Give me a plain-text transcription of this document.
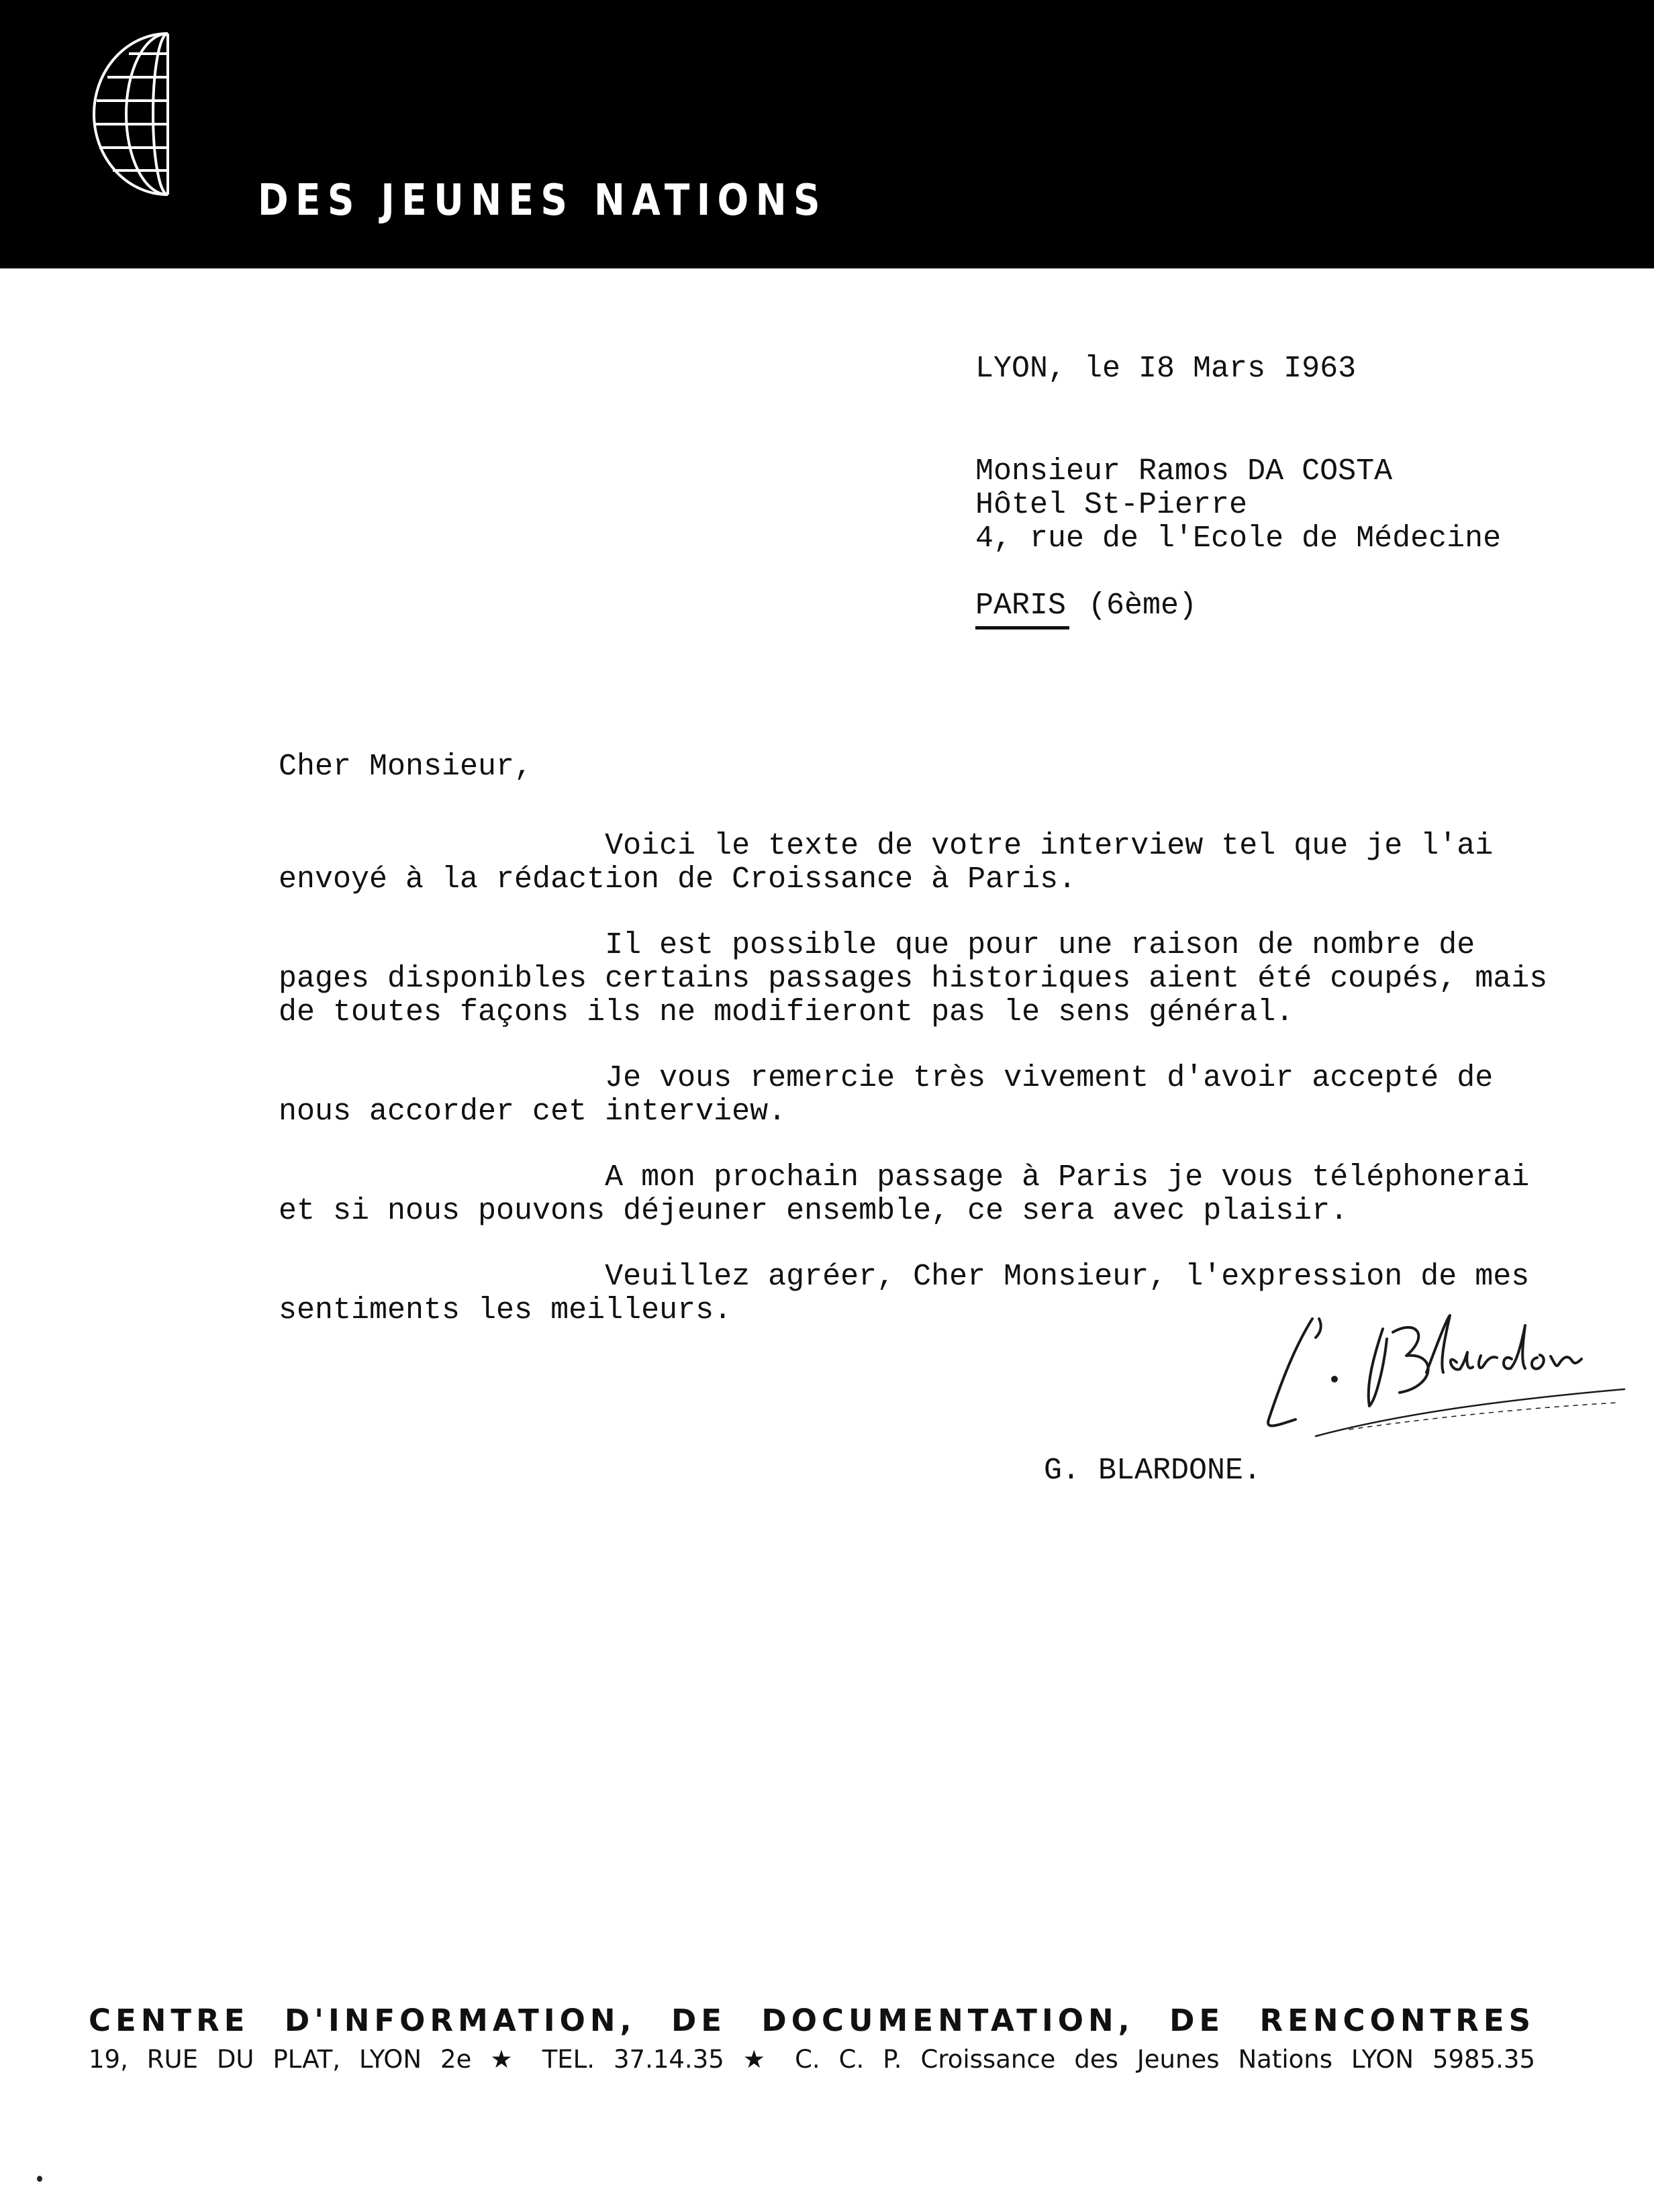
DES JEUNES NATIONS
LYON, le I8 Mars I963
Monsieur Ramos DA COSTA
Hôtel St-Pierre
4, rue de l'Ecole de Médecine
PARIS (6ème)
Cher Monsieur,
Voici le texte de votre interview tel que je l'ai
envoyé à la rédaction de Croissance à Paris.
Il est possible que pour une raison de nombre de
pages disponibles certains passages historiques aient été coupés, mais
de toutes façons ils ne modifieront pas le sens général.
Je vous remercie très vivement d'avoir accepté de
nous accorder cet interview.
A mon prochain passage à Paris je vous téléphonerai
et si nous pouvons déjeuner ensemble, ce sera avec plaisir.
Veuillez agréer, Cher Monsieur, l'expression de mes
sentiments les meilleurs.
G. BLARDONE.
CENTRE D'INFORMATION, DE DOCUMENTATION, DE RENCONTRES
19, RUE DU PLAT, LYON 2e ★ TEL. 37.14.35 ★ C. C. P. Croissance des Jeunes Nations LYON 5985.35
